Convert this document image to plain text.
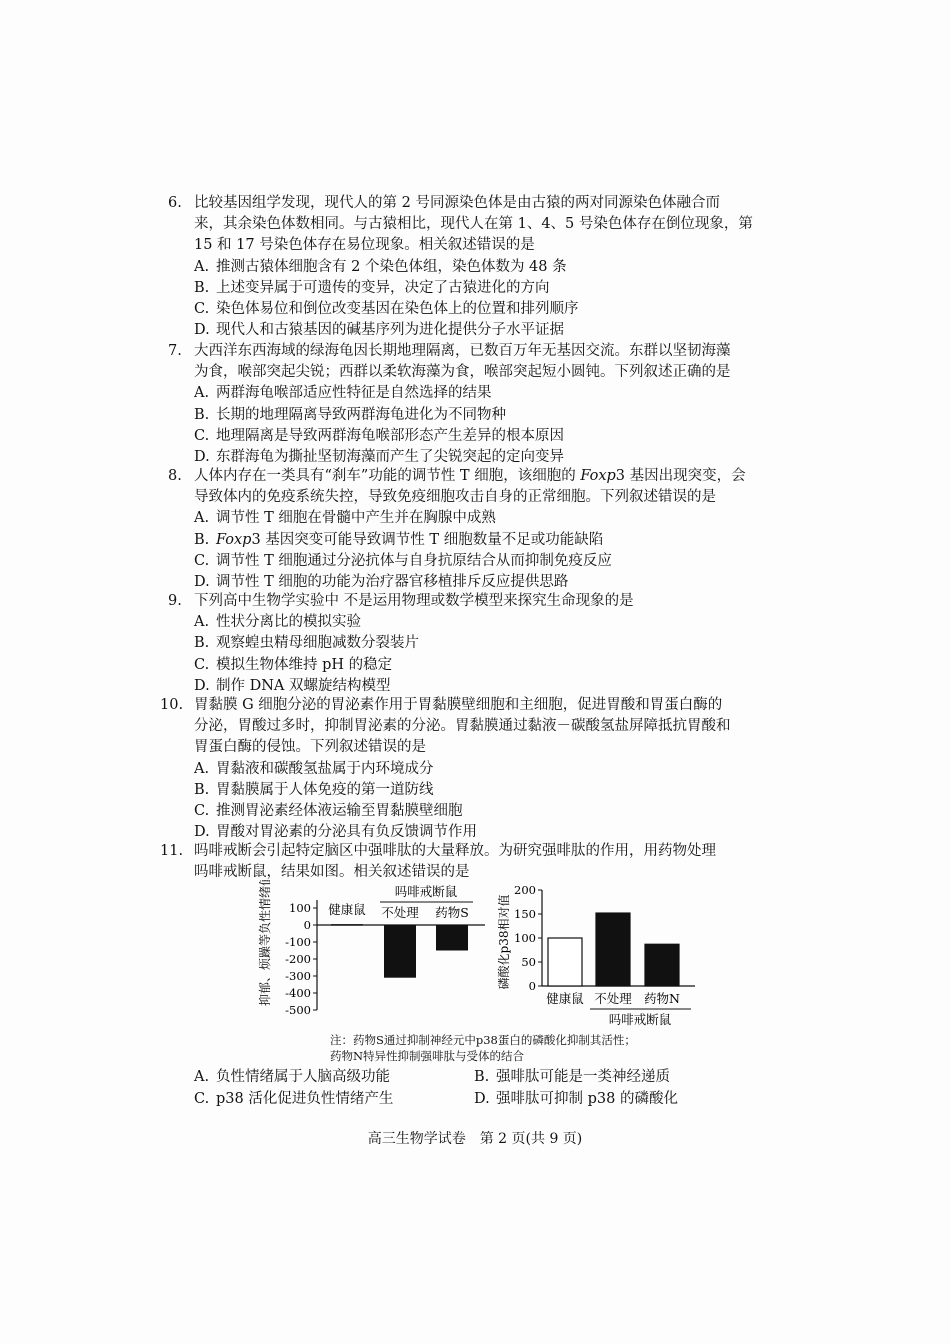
6. 比较基因组学发现，现代人的第 2 号同源染色体是由古猿的两对同源染色体融合而
来，其余染色体数相同。与古猿相比，现代人在第 1、4、5 号染色体存在倒位现象，第
15 和 17 号染色体存在易位现象。相关叙述错误的是
A. 推测古猿体细胞含有 2 个染色体组，染色体数为 48 条
B. 上述变异属于可遗传的变异，决定了古猿进化的方向
C. 染色体易位和倒位改变基因在染色体上的位置和排列顺序
D. 现代人和古猿基因的碱基序列为进化提供分子水平证据
7. 大西洋东西海域的绿海龟因长期地理隔离，已数百万年无基因交流。东群以坚韧海藻
为食，喉部突起尖锐；西群以柔软海藻为食，喉部突起短小圆钝。下列叙述正确的是
A. 两群海龟喉部适应性特征是自然选择的结果
B. 长期的地理隔离导致两群海龟进化为不同物种
C. 地理隔离是导致两群海龟喉部形态产生差异的根本原因
D. 东群海龟为撕扯坚韧海藻而产生了尖锐突起的定向变异
8. 人体内存在一类具有“刹车”功能的调节性 T 细胞，该细胞的 Foxp3 基因出现突变，会
导致体内的免疫系统失控，导致免疫细胞攻击自身的正常细胞。下列叙述错误的是
A. 调节性 T 细胞在骨髓中产生并在胸腺中成熟
B. Foxp3 基因突变可能导致调节性 T 细胞数量不足或功能缺陷
C. 调节性 T 细胞通过分泌抗体与自身抗原结合从而抑制免疫反应
D. 调节性 T 细胞的功能为治疗器官移植排斥反应提供思路
9. 下列高中生物学实验中 不是运用物理或数学模型来探究生命现象的是
A. 性状分离比的模拟实验
B. 观察蝗虫精母细胞减数分裂装片
C. 模拟生物体维持 pH 的稳定
D. 制作 DNA 双螺旋结构模型
10. 胃黏膜 G 细胞分泌的胃泌素作用于胃黏膜壁细胞和主细胞，促进胃酸和胃蛋白酶的
分泌，胃酸过多时，抑制胃泌素的分泌。胃黏膜通过黏液－碳酸氢盐屏障抵抗胃酸和
胃蛋白酶的侵蚀。下列叙述错误的是
A. 胃黏液和碳酸氢盐属于内环境成分
B. 胃黏膜属于人体免疫的第一道防线
C. 推测胃泌素经体液运输至胃黏膜壁细胞
D. 胃酸对胃泌素的分泌具有负反馈调节作用
11. 吗啡戒断会引起特定脑区中强啡肽的大量释放。为研究强啡肽的作用，用药物处理
吗啡戒断鼠，结果如图。相关叙述错误的是
抑郁、烦躁等负性情绪值 100
0
-100
-200
-300
-400
-500
健康鼠 不处理 药物S
吗啡戒断鼠
磷酸化p38相对值
200
150
100
50
0
健康鼠 不处理 药物N
吗啡戒断鼠
注：药物S通过抑制神经元中p38蛋白的磷酸化抑制其活性；
药物N特异性抑制强啡肽与受体的结合
A. 负性情绪属于人脑高级功能	B. 强啡肽可能是一类神经递质
C. p38 活化促进负性情绪产生	D. 强啡肽可抑制 p38 的磷酸化
高三生物学试卷　第 2 页(共 9 页)
